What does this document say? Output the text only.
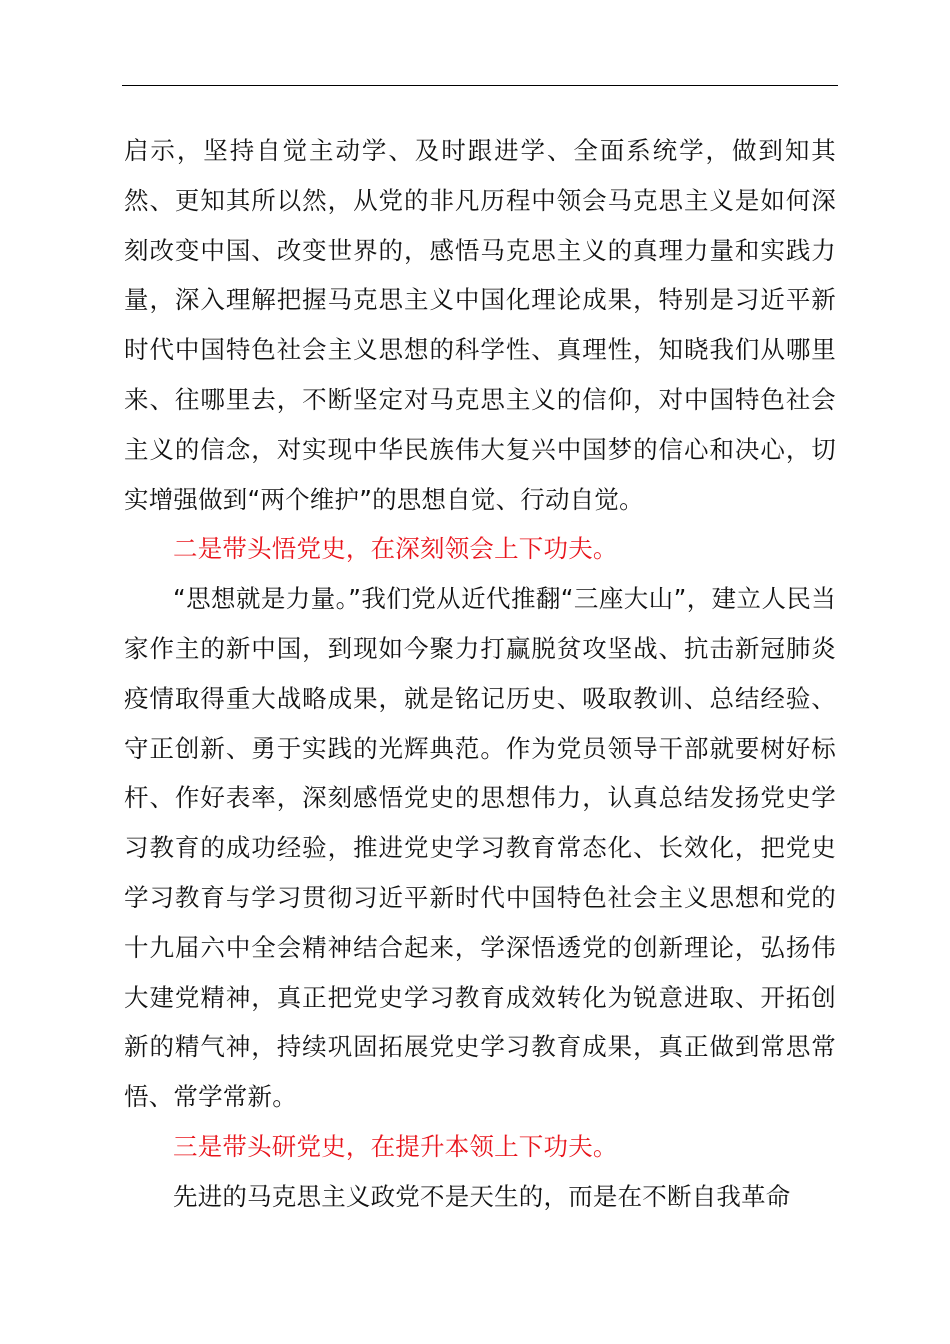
启示，坚持自觉主动学、及时跟进学、全面系统学，做到知其然、更知其所以然，从党的非凡历程中领会马克思主义是如何深刻改变中国、改变世界的，感悟马克思主义的真理力量和实践力量，深入理解把握马克思主义中国化理论成果，特别是习近平新时代中国特色社会主义思想的科学性、真理性，知晓我们从哪里来、往哪里去，不断坚定对马克思主义的信仰，对中国特色社会主义的信念，对实现中华民族伟大复兴中国梦的信心和决心，切实增强做到“两个维护”的思想自觉、行动自觉。

二是带头悟党史，在深刻领会上下功夫。

“思想就是力量。”我们党从近代推翻“三座大山”，建立人民当家作主的新中国，到现如今聚力打赢脱贫攻坚战、抗击新冠肺炎疫情取得重大战略成果，就是铭记历史、吸取教训、总结经验、守正创新、勇于实践的光辉典范。作为党员领导干部就要树好标杆、作好表率，深刻感悟党史的思想伟力，认真总结发扬党史学习教育的成功经验，推进党史学习教育常态化、长效化，把党史学习教育与学习贯彻习近平新时代中国特色社会主义思想和党的十九届六中全会精神结合起来，学深悟透党的创新理论，弘扬伟大建党精神，真正把党史学习教育成效转化为锐意进取、开拓创新的精气神，持续巩固拓展党史学习教育成果，真正做到常思常悟、常学常新。

三是带头研党史，在提升本领上下功夫。

先进的马克思主义政党不是天生的，而是在不断自我革命
